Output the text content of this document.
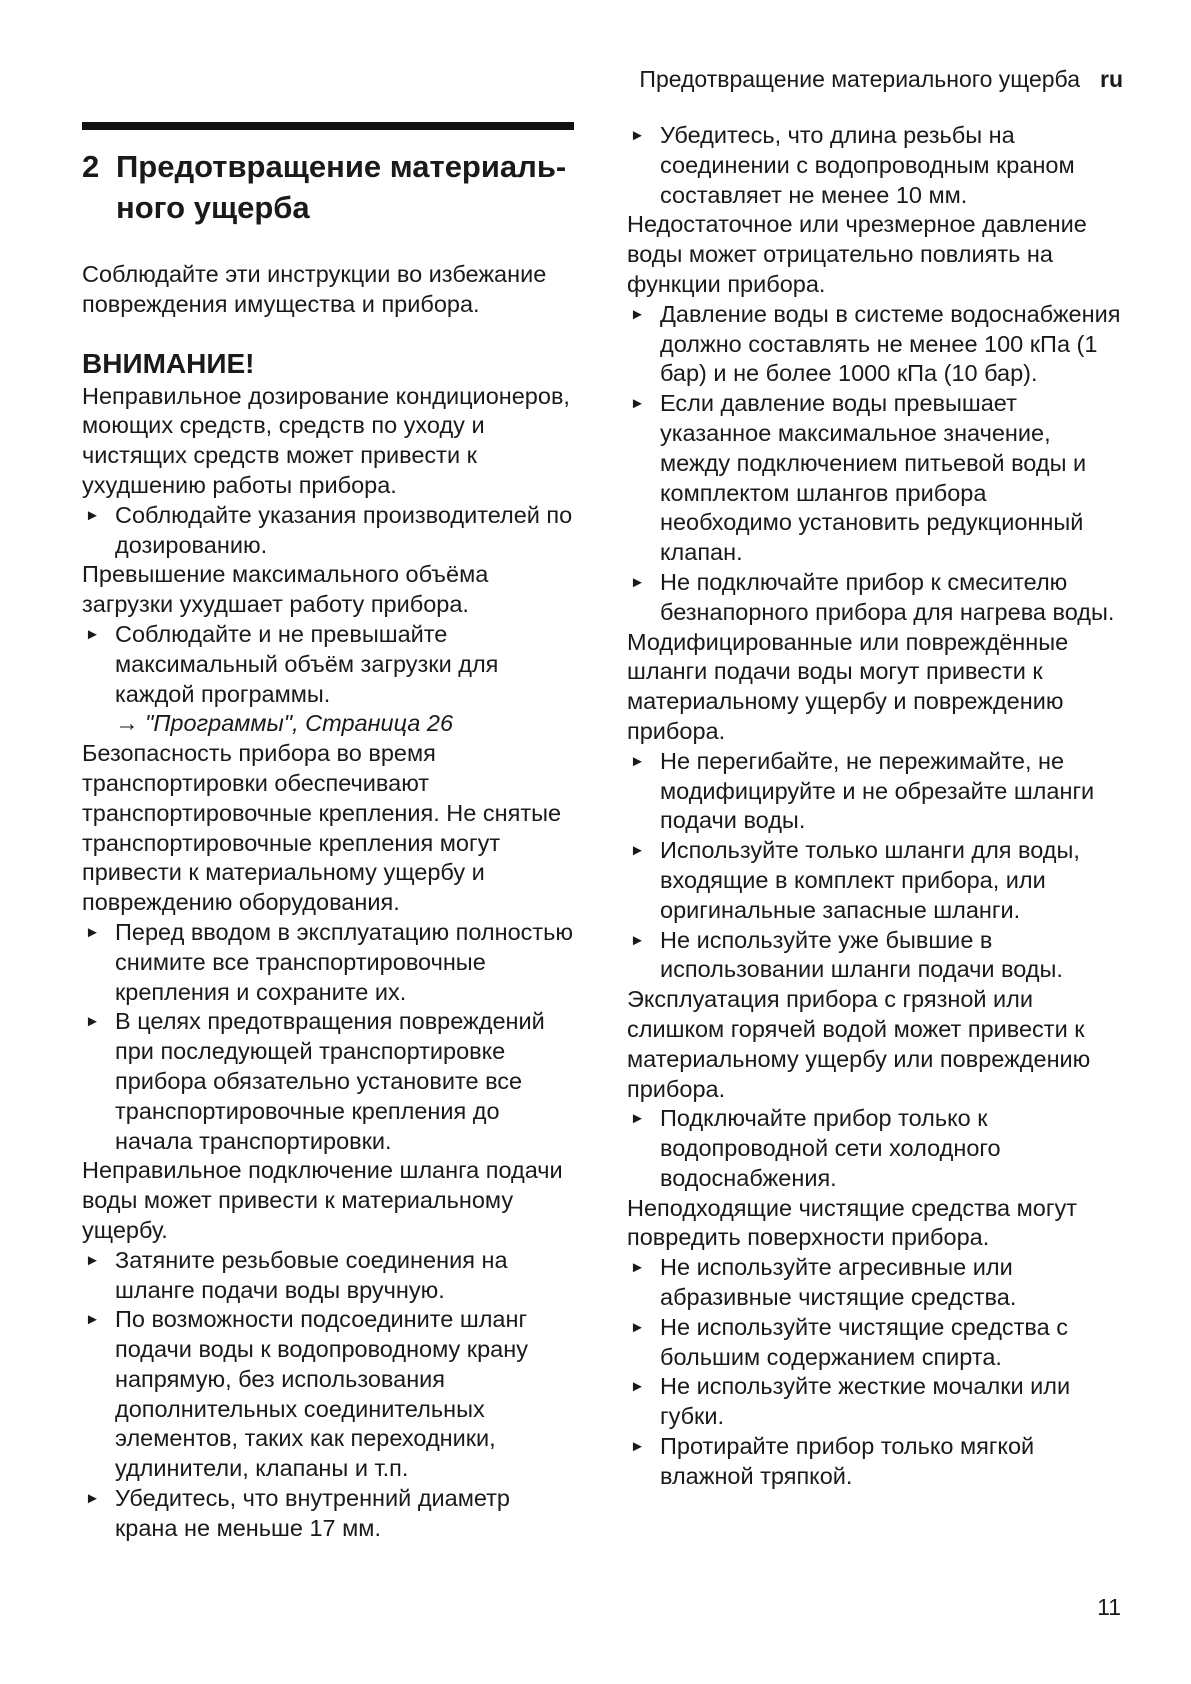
Предотвращение материального ущерба ru
2 Предотвращение материаль-ного ущерба

Соблюдайте эти инструкции во избежание повреждения имущества и прибора.

ВНИМАНИЕ!

Неправильное дозирование кондиционеров, моющих средств, средств по уходу и чистящих средств может привести к ухудшению работы прибора.

► Соблюдайте указания производителей по дозированию.

Превышение максимального объёма загрузки ухудшает работу прибора.

► Соблюдайте и не превышайте максимальный объём загрузки для каждой программы.
→ "Программы", Страница 26

Безопасность прибора во время транспортировки обеспечивают транспортировочные крепления. Не снятые транспортировочные крепления могут привести к материальному ущербу и повреждению оборудования.

► Перед вводом в эксплуатацию полностью снимите все транспортировочные крепления и сохраните их.
► В целях предотвращения повреждений при последующей транспортировке прибора обязательно установите все транспортировочные крепления до начала транспортировки.

Неправильное подключение шланга подачи воды может привести к материальному ущербу.

► Затяните резьбовые соединения на шланге подачи воды вручную.
► По возможности подсоедините шланг подачи воды к водопроводному крану напрямую, без использования дополнительных соединительных элементов, таких как переходники, удлинители, клапаны и т.п.
► Убедитесь, что внутренний диаметр крана не меньше 17 мм.
► Убедитесь, что длина резьбы на соединении с водопроводным краном составляет не менее 10 мм.

Недостаточное или чрезмерное давление воды может отрицательно повлиять на функции прибора.

► Давление воды в системе водоснабжения должно составлять не менее 100 кПа (1 бар) и не более 1000 кПа (10 бар).
► Если давление воды превышает указанное максимальное значение, между подключением питьевой воды и комплектом шлангов прибора необходимо установить редукционный клапан.
► Не подключайте прибор к смесителю безнапорного прибора для нагрева воды.

Модифицированные или повреждённые шланги подачи воды могут привести к материальному ущербу и повреждению прибора.

► Не перегибайте, не пережимайте, не модифицируйте и не обрезайте шланги подачи воды.
► Используйте только шланги для воды, входящие в комплект прибора, или оригинальные запасные шланги.
► Не используйте уже бывшие в использовании шланги подачи воды.

Эксплуатация прибора с грязной или слишком горячей водой может привести к материальному ущербу или повреждению прибора.

► Подключайте прибор только к водопроводной сети холодного водоснабжения.

Неподходящие чистящие средства могут повредить поверхности прибора.

► Не используйте агресивные или абразивные чистящие средства.
► Не используйте чистящие средства с большим содержанием спирта.
► Не используйте жесткие мочалки или губки.
► Протирайте прибор только мягкой влажной тряпкой.
11
